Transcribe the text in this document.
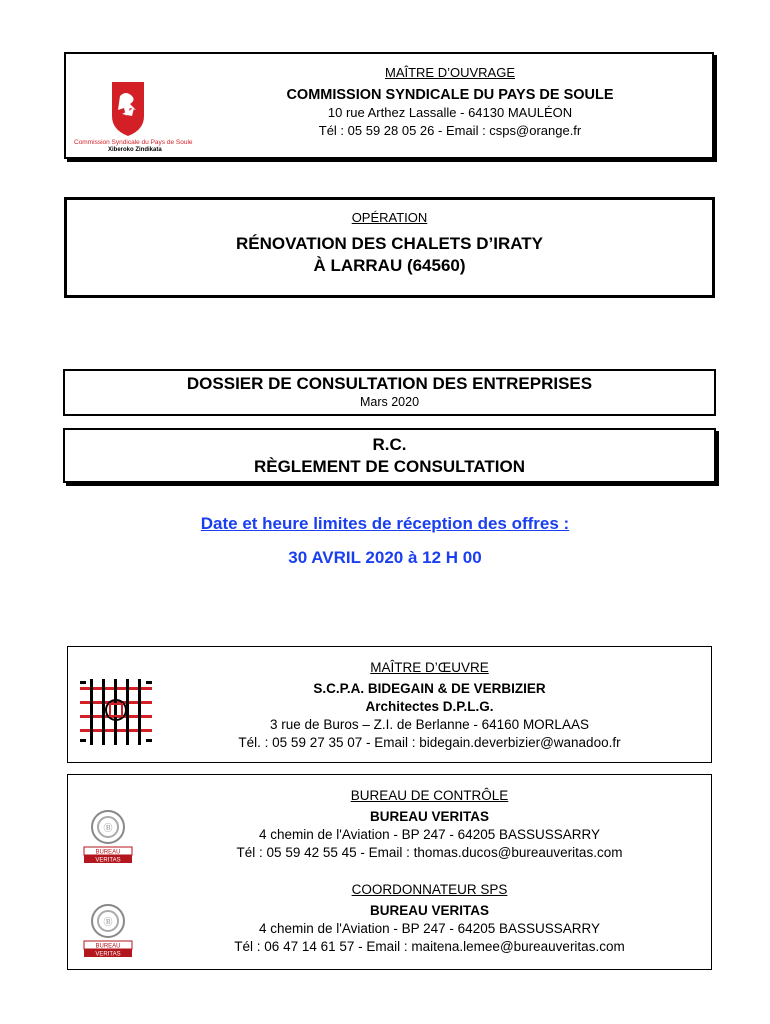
Commission Syndicale du Pays de Soule
Xiberoko Zindikata
MAÎTRE D’OUVRAGE
COMMISSION SYNDICALE DU PAYS DE SOULE
10 rue Arthez Lassalle - 64130 MAULÉON
Tél : 05 59 28 05 26 - Email : csps@orange.fr
OPÉRATION
RÉNOVATION DES CHALETS D’IRATY
À LARRAU (64560)
DOSSIER DE CONSULTATION DES ENTREPRISES
Mars 2020
R.C.
RÈGLEMENT DE CONSULTATION
Date et heure limites de réception des offres :
30 AVRIL 2020 à 12 H 00
MAÎTRE D’ŒUVRE
S.C.P.A. BIDEGAIN & DE VERBIZIER
Architectes D.P.L.G.
3 rue de Buros – Z.I. de Berlanne - 64160 MORLAAS
Tél. : 05 59 27 35 07 - Email : bidegain.deverbizier@wanadoo.fr
Ⓑ
BUREAU
VERITAS
BUREAU DE CONTRÔLE
BUREAU VERITAS
4 chemin de l'Aviation - BP 247 - 64205 BASSUSSARRY
Tél : 05 59 42 55 45 - Email : thomas.ducos@bureauveritas.com
Ⓑ
BUREAU
VERITAS
COORDONNATEUR SPS
BUREAU VERITAS
4 chemin de l'Aviation - BP 247 - 64205 BASSUSSARRY
Tél : 06 47 14 61 57 - Email : maitena.lemee@bureauveritas.com
